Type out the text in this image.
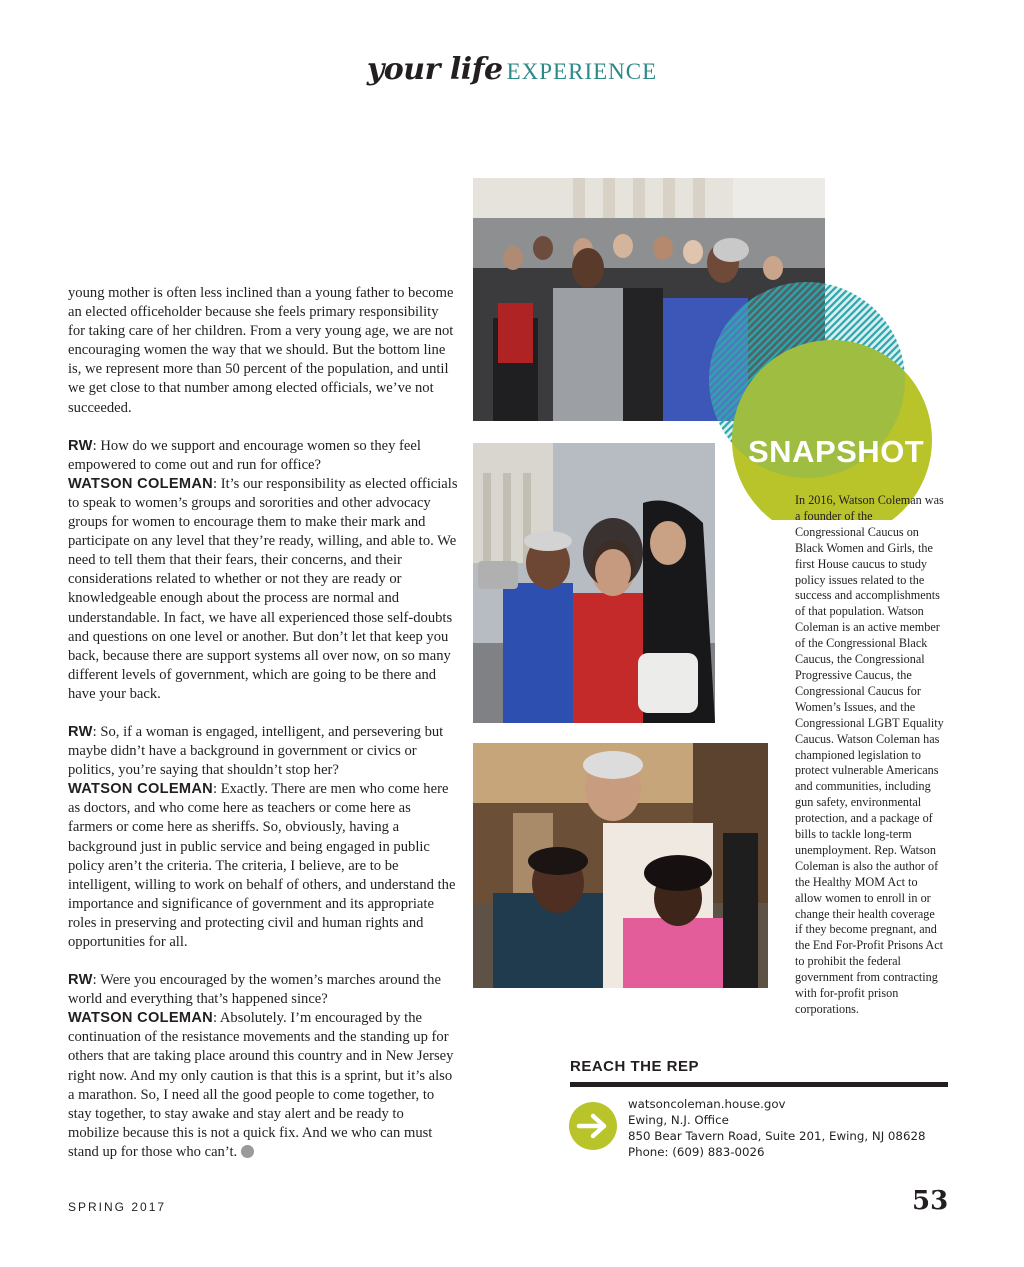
your life EXPERIENCE
SNAPSHOT
In 2016, Watson Coleman was a founder of the Congressional Caucus on Black Women and Girls, the first House caucus to study policy issues related to the success and accomplishments of that population. Watson Coleman is an active member of the Congressional Black Caucus, the Congressional Progressive Caucus, the Congressional Caucus for Women’s Issues, and the Congressional LGBT Equality Caucus. Watson Coleman has championed legislation to protect vulnerable Americans and communities, including gun safety, environmental protection, and a package of bills to tackle long-term unemployment. Rep. Watson Coleman is also the author of the Healthy MOM Act to allow women to enroll in or change their health coverage if they become pregnant, and the End For-Profit Prisons Act to prohibit the federal government from contracting with for-profit prison corporations.

young mother is often less inclined than a young father to become an elected officeholder because she feels primary responsibility for taking care of her children. From a very young age, we are not encouraging women the way that we should. But the bottom line is, we represent more than 50 percent of the population, and until we get close to that number among elected officials, we’ve not succeeded.

RW: How do we support and encourage women so they feel empowered to come out and run for office?
WATSON COLEMAN: It’s our responsibility as elected officials to speak to women’s groups and sororities and other advocacy groups for women to encourage them to make their mark and participate on any level that they’re ready, willing, and able to. We need to tell them that their fears, their concerns, and their considerations related to whether or not they are ready or knowledgeable enough about the process are normal and understandable. In fact, we have all experienced those self-doubts and questions on one level or another. But don’t let that keep you back, because there are support systems all over now, on so many different levels of government, which are going to be there and have your back.

RW: So, if a woman is engaged, intelligent, and persevering but maybe didn’t have a background in government or civics or politics, you’re saying that shouldn’t stop her?
WATSON COLEMAN: Exactly. There are men who come here as doctors, and who come here as teachers or come here as farmers or come here as sheriffs. So, obviously, having a background just in public service and being engaged in public policy aren’t the criteria. The criteria, I believe, are to be intelligent, willing to work on behalf of others, and understand the importance and significance of government and its appropriate roles in preserving and protecting civil and human rights and opportunities for all.

RW: Were you encouraged by the women’s marches around the world and everything that’s happened since?
WATSON COLEMAN: Absolutely. I’m encouraged by the continuation of the resistance movements and the standing up for others that are taking place around this country and in New Jersey right now. And my only caution is that this is a sprint, but it’s also a marathon. So, I need all the good people to come together, to stay together, to stay awake and stay alert and be ready to mobilize because this is not a quick fix. And we who can must stand up for those who can’t.

REACH THE REP
watsoncoleman.house.gov
Ewing, N.J. Office
850 Bear Tavern Road, Suite 201, Ewing, NJ 08628
Phone: (609) 883-0026
SPRING 2017	53
